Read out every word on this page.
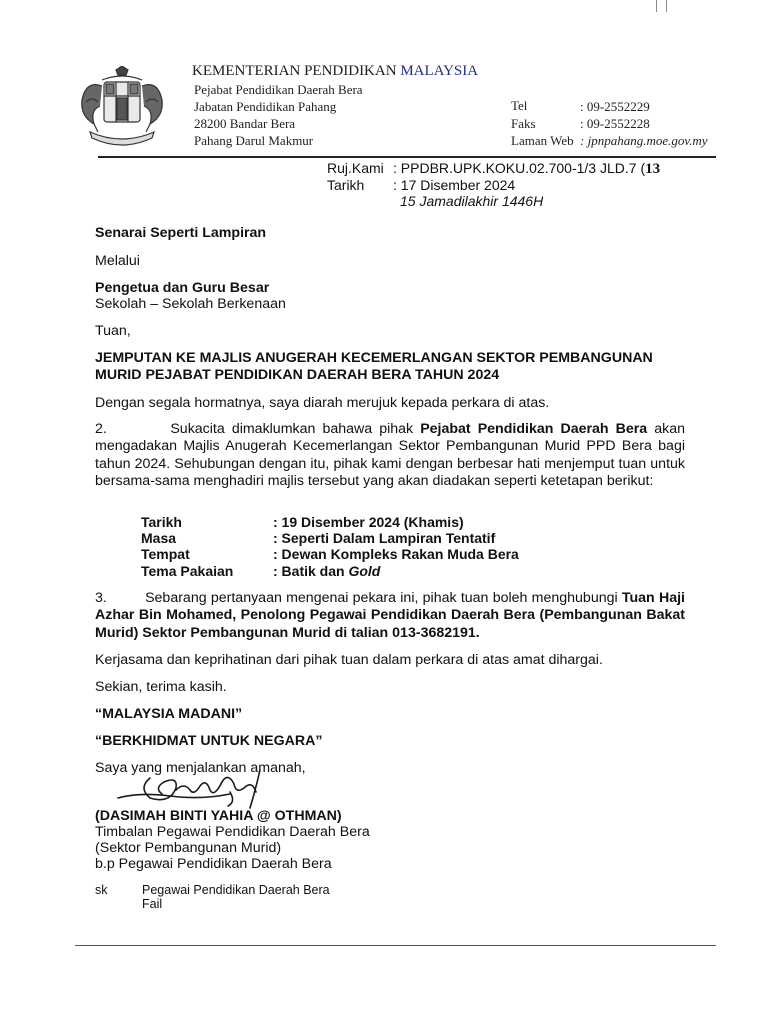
KEMENTERIAN PENDIDIKAN MALAYSIA
Pejabat Pendidikan Daerah Bera
Jabatan Pendidikan Pahang
28200 Bandar Bera
Pahang Darul Makmur
Tel	: 09-2552229
Faks	: 09-2552228
Laman Web : jpnpahang.moe.gov.my
Ruj.Kami : PPDBR.UPK.KOKU.02.700-1/3 JLD.7 (13
Tarikh : 17 Disember 2024
15 Jamadilakhir 1446H
Senarai Seperti Lampiran
Melalui
Pengetua dan Guru Besar
Sekolah – Sekolah Berkenaan
Tuan,
JEMPUTAN KE MAJLIS ANUGERAH KECEMERLANGAN SEKTOR PEMBANGUNAN
MURID PEJABAT PENDIDIKAN DAERAH BERA TAHUN 2024
Dengan segala hormatnya, saya diarah merujuk kepada perkara di atas.
2.	Sukacita dimaklumkan bahawa pihak Pejabat Pendidikan Daerah Bera akan mengadakan Majlis Anugerah Kecemerlangan Sektor Pembangunan Murid PPD Bera bagi tahun 2024. Sehubungan dengan itu, pihak kami dengan berbesar hati menjemput tuan untuk bersama-sama menghadiri majlis tersebut yang akan diadakan seperti ketetapan berikut:
Tarikh	: 19 Disember 2024 (Khamis)
Masa	: Seperti Dalam Lampiran Tentatif
Tempat	: Dewan Kompleks Rakan Muda Bera
Tema Pakaian	: Batik dan Gold
3.	Sebarang pertanyaan mengenai pekara ini, pihak tuan boleh menghubungi Tuan Haji Azhar Bin Mohamed, Penolong Pegawai Pendidikan Daerah Bera (Pembangunan Bakat Murid) Sektor Pembangunan Murid di talian 013-3682191.
Kerjasama dan keprihatinan dari pihak tuan dalam perkara di atas amat dihargai.
Sekian, terima kasih.
“MALAYSIA MADANI”
“BERKHIDMAT UNTUK NEGARA”
Saya yang menjalankan amanah,
(DASIMAH BINTI YAHIA @ OTHMAN)
Timbalan Pegawai Pendidikan Daerah Bera
(Sektor Pembangunan Murid)
b.p Pegawai Pendidikan Daerah Bera
sk	Pegawai Pendidikan Daerah Bera
Fail
